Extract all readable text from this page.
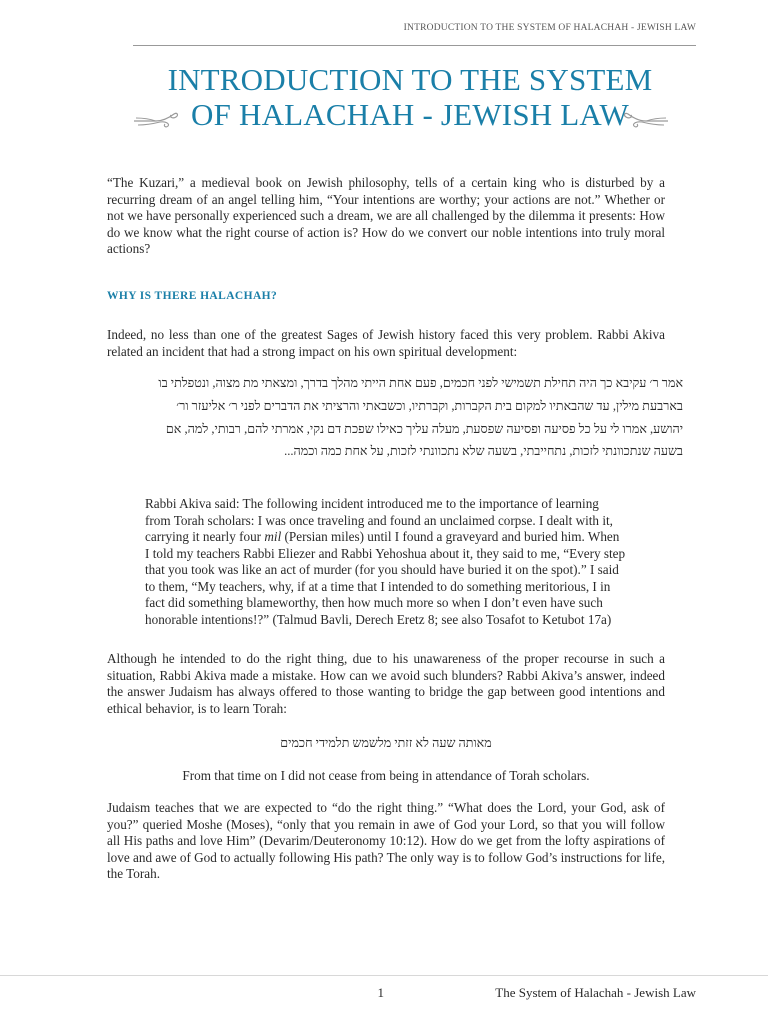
INTRODUCTION TO THE SYSTEM OF HALACHAH - JEWISH LAW
INTRODUCTION TO THE SYSTEM
OF HALACHAH - JEWISH LAW

“The Kuzari,” a medieval book on Jewish philosophy, tells of a certain king who is disturbed by a recurring dream of an angel telling him, “Your intentions are worthy; your actions are not.” Whether or not we have personally experienced such a dream, we are all challenged by the dilemma it presents: How do we know what the right course of action is? How do we convert our noble intentions into truly moral actions?

WHY IS THERE HALACHAH?

Indeed, no less than one of the greatest Sages of Jewish history faced this very problem. Rabbi Akiva related an incident that had a strong impact on his own spiritual development:

אמר ר׳ עקיבא כך היה תחילת תשמישי לפני חכמים, פעם אחת הייתי מהלך בדרך, ומצאתי מת מצוה, ונטפלתי בו בארבעת מילין, עד שהבאתיו למקום בית הקברות, וקברתיו, וכשבאתי והרציתי את הדברים לפני ר׳ אליעזר ור׳ יהושע, אמרו לי על כל פסיעה ופסיעה שפסעת, מעלה עליך כאילו שפכת דם נקי, אמרתי להם, רבותי, למה, אם בשעה שנתכוונתי לזכות, נתחייבתי, בשעה שלא נתכוונתי לזכות, על אחת כמה וכמה...

Rabbi Akiva said: The following incident introduced me to the importance of learning from Torah scholars: I was once traveling and found an unclaimed corpse. I dealt with it, carrying it nearly four mil (Persian miles) until I found a graveyard and buried him. When I told my teachers Rabbi Eliezer and Rabbi Yehoshua about it, they said to me, “Every step that you took was like an act of murder (for you should have buried it on the spot).” I said to them, “My teachers, why, if at a time that I intended to do something meritorious, I in fact did something blameworthy, then how much more so when I don’t even have such honorable intentions!?” (Talmud Bavli, Derech Eretz 8; see also Tosafot to Ketubot 17a)

Although he intended to do the right thing, due to his unawareness of the proper recourse in such a situation, Rabbi Akiva made a mistake. How can we avoid such blunders? Rabbi Akiva’s answer, indeed the answer Judaism has always offered to those wanting to bridge the gap between good intentions and ethical behavior, is to learn Torah:

מאותה שעה לא זזתי מלשמש תלמידי חכמים

From that time on I did not cease from being in attendance of Torah scholars.

Judaism teaches that we are expected to “do the right thing.” “What does the Lord, your God, ask of you?” queried Moshe (Moses), “only that you remain in awe of God your Lord, so that you will follow all His paths and love Him” (Devarim/Deuteronomy 10:12). How do we get from the lofty aspirations of love and awe of God to actually following His path? The only way is to follow God’s instructions for life, the Torah.

1	The System of Halachah - Jewish Law
